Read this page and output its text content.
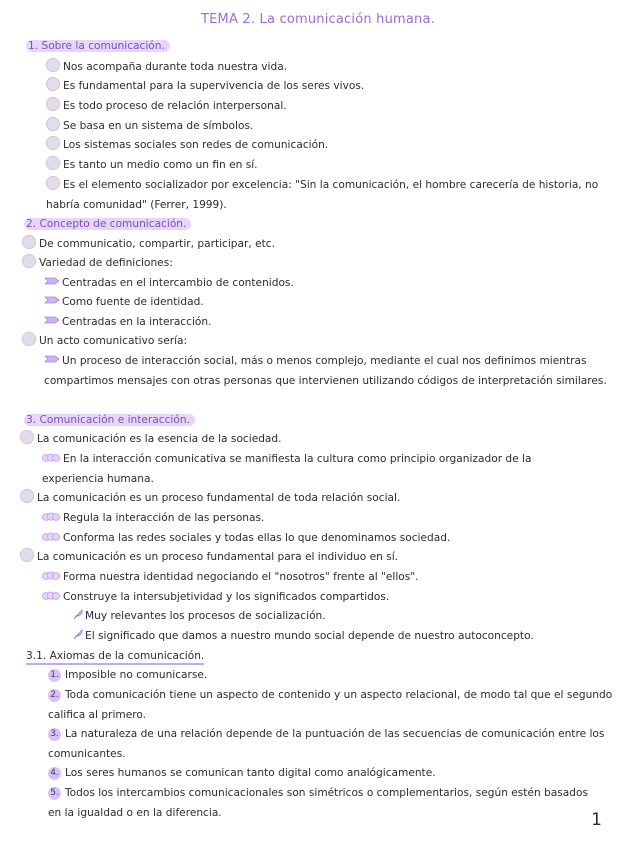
TEMA 2. La comunicación humana.
1. Sobre la comunicación.
Nos acompaña durante toda nuestra vida.
Es fundamental para la supervivencia de los seres vivos.
Es todo proceso de relación interpersonal.
Se basa en un sistema de símbolos.
Los sistemas sociales son redes de comunicación.
Es tanto un medio como un fin en sí.
Es el elemento socializador por excelencia: "Sin la comunicación, el hombre carecería de historia, no habría comunidad" (Ferrer, 1999).
2. Concepto de comunicación.
De communicatio, compartir, participar, etc.
Variedad de definiciones:
Centradas en el intercambio de contenidos.
Como fuente de identidad.
Centradas en la interacción.
Un acto comunicativo sería:
Un proceso de interacción social, más o menos complejo, mediante el cual nos definimos mientras compartimos mensajes con otras personas que intervienen utilizando códigos de interpretación similares.
3. Comunicación e interacción.
La comunicación es la esencia de la sociedad.
En la interacción comunicativa se manifiesta la cultura como principio organizador de la experiencia humana.
La comunicación es un proceso fundamental de toda relación social.
Regula la interacción de las personas.
Conforma las redes sociales y todas ellas lo que denominamos sociedad.
La comunicación es un proceso fundamental para el individuo en sí.
Forma nuestra identidad negociando el "nosotros" frente al "ellos".
Construye la intersubjetividad y los significados compartidos.
Muy relevantes los procesos de socialización.
El significado que damos a nuestro mundo social depende de nuestro autoconcepto.
3.1. Axiomas de la comunicación.
1. Imposible no comunicarse.
2. Toda comunicación tiene un aspecto de contenido y un aspecto relacional, de modo tal que el segundo califica al primero.
3. La naturaleza de una relación depende de la puntuación de las secuencias de comunicación entre los comunicantes.
4. Los seres humanos se comunican tanto digital como analógicamente.
5. Todos los intercambios comunicacionales son simétricos o complementarios, según estén basados en la igualdad o en la diferencia.	1
